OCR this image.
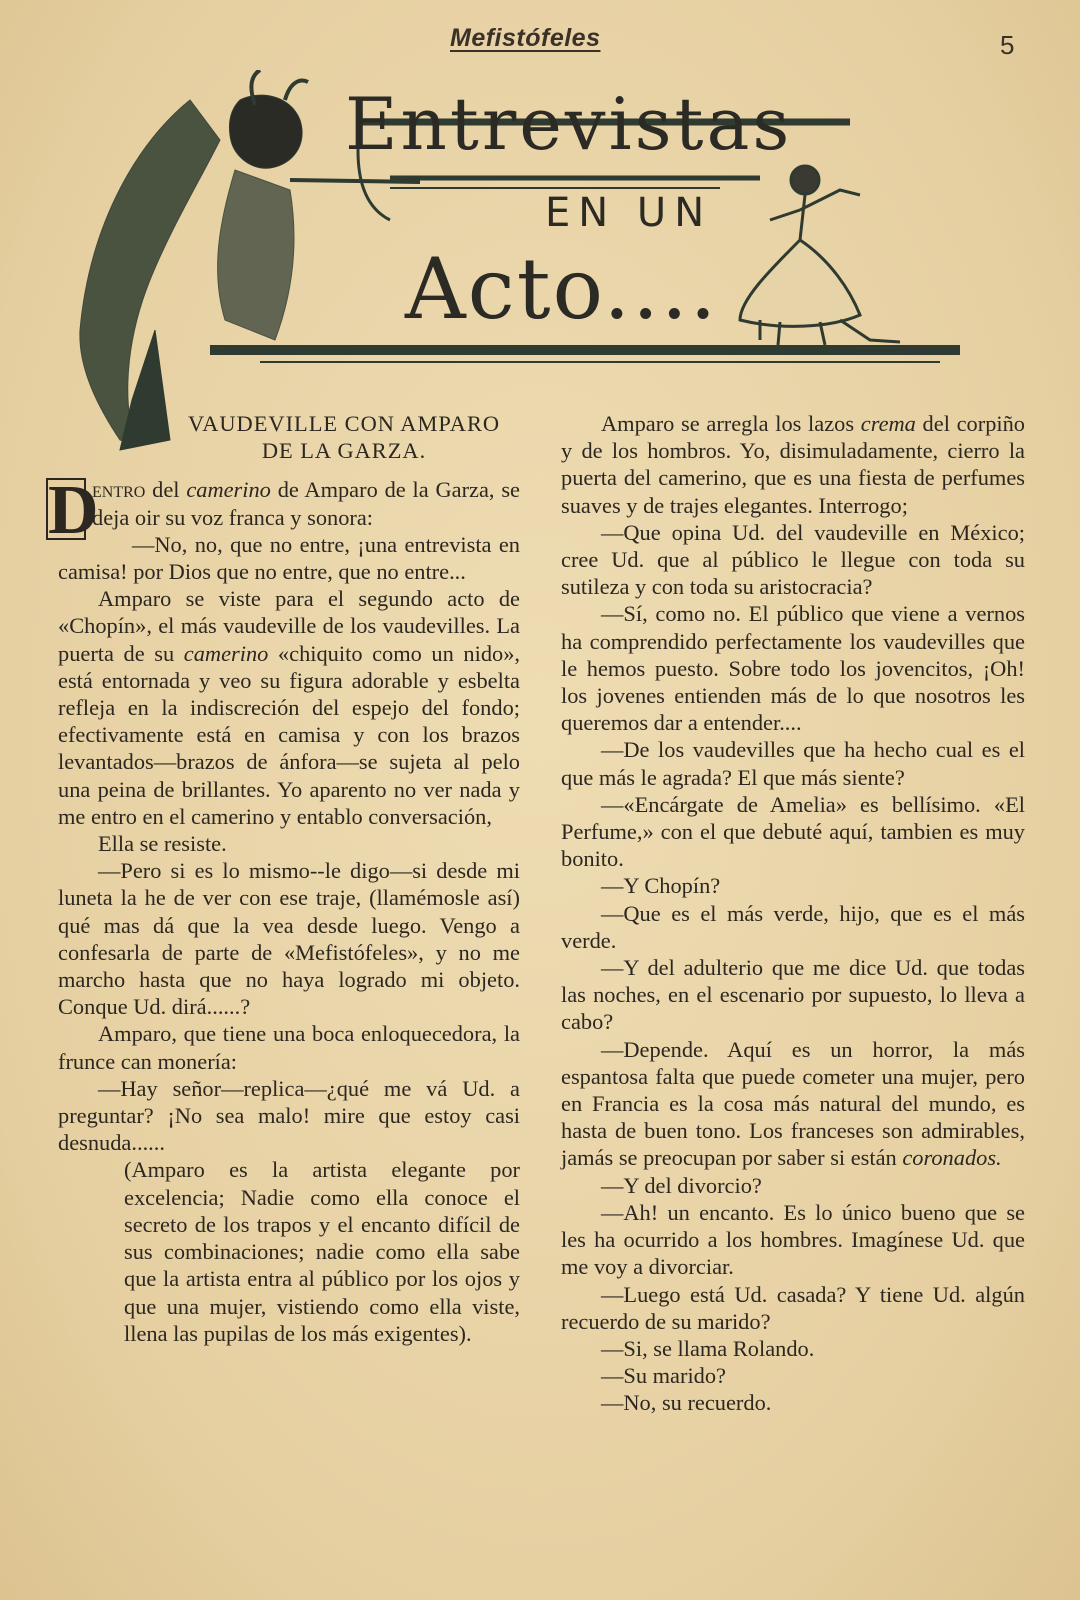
Mefistófeles	5
Entrevistas
EN UN
Acto....

VAUDEVILLE CON AMPARO
DE LA GARZA.

D
entro del camerino de Amparo de la Garza, se deja oir su voz franca y sonora:

—No, no, que no entre, ¡una entrevista en camisa! por Dios que no entre, que no entre...

Amparo se viste para el segundo acto de «Chopín», el más vaudeville de los vaudevilles. La puerta de su camerino «chiquito como un nido», está entornada y veo su figura adorable y esbelta refleja en la indiscreción del espejo del fondo; efectivamente está en camisa y con los brazos levantados—brazos de ánfora—se sujeta al pelo una peina de brillantes. Yo aparento no ver nada y me entro en el camerino y entablo conversación,

Ella se resiste.

—Pero si es lo mismo--le digo—si desde mi luneta la he de ver con ese traje, (llamémosle así) qué mas dá que la vea desde luego. Vengo a confesarla de parte de «Mefistófeles», y no me marcho hasta que no haya logrado mi objeto. Conque Ud. dirá......?

Amparo, que tiene una boca enloquecedora, la frunce can monería:

—Hay señor—replica—¿qué me vá Ud. a preguntar? ¡No sea malo! mire que estoy casi desnuda......

(Amparo es la artista elegante por excelencia; Nadie como ella conoce el secreto de los trapos y el encanto difícil de sus combinaciones; nadie como ella sabe que la artista entra al público por los ojos y que una mujer, vistiendo como ella viste, llena las pupilas de los más exigentes).

Amparo se arregla los lazos crema del corpiño y de los hombros. Yo, disimuladamente, cierro la puerta del camerino, que es una fiesta de perfumes suaves y de trajes elegantes. Interrogo;

—Que opina Ud. del vaudeville en México; cree Ud. que al público le llegue con toda su sutileza y con toda su aristocracia?

—Sí, como no. El público que viene a vernos ha comprendido perfectamente los vaudevilles que le hemos puesto. Sobre todo los jovencitos, ¡Oh! los jovenes entienden más de lo que nosotros les queremos dar a entender....

—De los vaudevilles que ha hecho cual es el que más le agrada? El que más siente?

—«Encárgate de Amelia» es bellísimo. «El Perfume,» con el que debuté aquí, tambien es muy bonito.

—Y Chopín?

—Que es el más verde, hijo, que es el más verde.

—Y del adulterio que me dice Ud. que todas las noches, en el escenario por supuesto, lo lleva a cabo?

—Depende. Aquí es un horror, la más espantosa falta que puede cometer una mujer, pero en Francia es la cosa más natural del mundo, es hasta de buen tono. Los franceses son admirables, jamás se preocupan por saber si están coronados.

—Y del divorcio?

—Ah! un encanto. Es lo único bueno que se les ha ocurrido a los hombres. Imagínese Ud. que me voy a divorciar.

—Luego está Ud. casada? Y tiene Ud. algún recuerdo de su marido?

—Si, se llama Rolando.

—Su marido?

—No, su recuerdo.
